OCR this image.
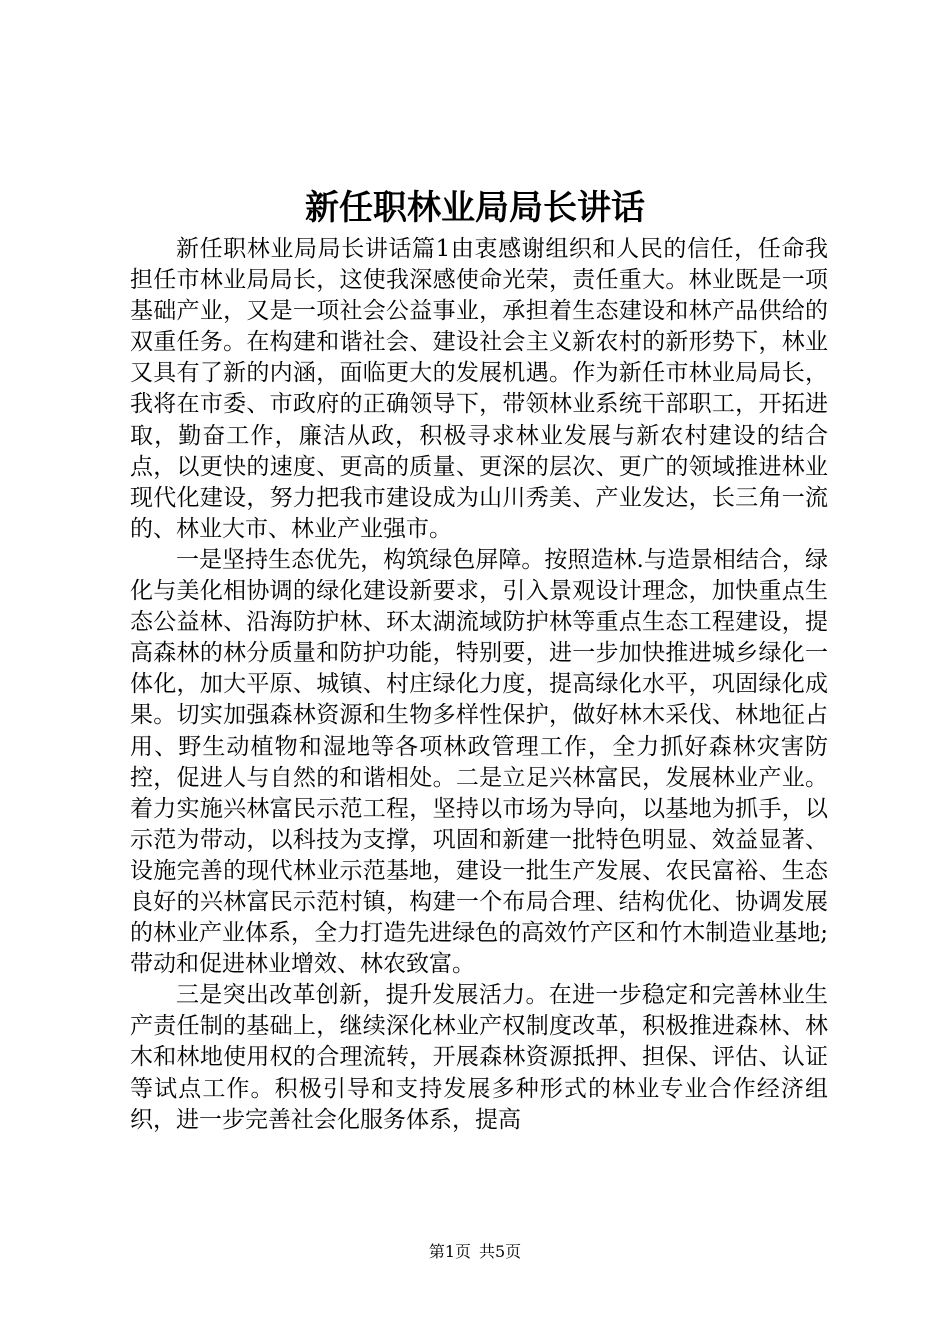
新任职林业局局长讲话

新任职林业局局长讲话篇1由衷感谢组织和人民的信任，任命我担任市林业局局长，这使我深感使命光荣，责任重大。林业既是一项基础产业，又是一项社会公益事业，承担着生态建设和林产品供给的双重任务。在构建和谐社会、建设社会主义新农村的新形势下，林业又具有了新的内涵，面临更大的发展机遇。作为新任市林业局局长，我将在市委、市政府的正确领导下，带领林业系统干部职工，开拓进取，勤奋工作，廉洁从政，积极寻求林业发展与新农村建设的结合点，以更快的速度、更高的质量、更深的层次、更广的领域推进林业现代化建设，努力把我市建设成为山川秀美、产业发达，长三角一流的、林业大市、林业产业强市。

一是坚持生态优先，构筑绿色屏障。按照造林.与造景相结合，绿化与美化相协调的绿化建设新要求，引入景观设计理念，加快重点生态公益林、沿海防护林、环太湖流域防护林等重点生态工程建设，提高森林的林分质量和防护功能，特别要，进一步加快推进城乡绿化一体化，加大平原、城镇、村庄绿化力度，提高绿化水平，巩固绿化成果。切实加强森林资源和生物多样性保护，做好林木采伐、林地征占用、野生动植物和湿地等各项林政管理工作，全力抓好森林灾害防控，促进人与自然的和谐相处。二是立足兴林富民，发展林业产业。着力实施兴林富民示范工程，坚持以市场为导向，以基地为抓手，以示范为带动，以科技为支撑，巩固和新建一批特色明显、效益显著、设施完善的现代林业示范基地，建设一批生产发展、农民富裕、生态良好的兴林富民示范村镇，构建一个布局合理、结构优化、协调发展的林业产业体系，全力打造先进绿色的高效竹产区和竹木制造业基地;带动和促进林业增效、林农致富。

三是突出改革创新，提升发展活力。在进一步稳定和完善林业生产责任制的基础上，继续深化林业产权制度改革，积极推进森林、林木和林地使用权的合理流转，开展森林资源抵押、担保、评估、认证等试点工作。积极引导和支持发展多种形式的林业专业合作经济组织，进一步完善社会化服务体系，提高

第1页 共5页
